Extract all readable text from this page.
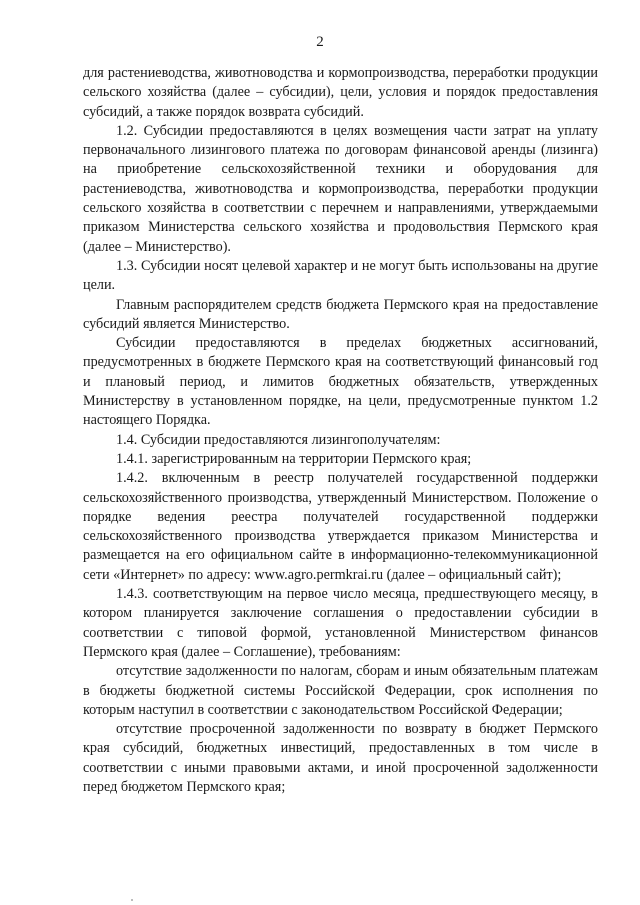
2

для растениеводства, животноводства и кормопроизводства, переработки продукции сельского хозяйства (далее – субсидии), цели, условия и порядок предоставления субсидий, а также порядок возврата субсидий.

1.2. Субсидии предоставляются в целях возмещения части затрат на уплату первоначального лизингового платежа по договорам финансовой аренды (лизинга) на приобретение сельскохозяйственной техники и оборудования для растениеводства, животноводства и кормопроизводства, переработки продукции сельского хозяйства в соответствии с перечнем и направлениями, утверждаемыми приказом Министерства сельского хозяйства и продовольствия Пермского края (далее – Министерство).

1.3. Субсидии носят целевой характер и не могут быть использованы на другие цели.

Главным распорядителем средств бюджета Пермского края на предоставление субсидий является Министерство.

Субсидии предоставляются в пределах бюджетных ассигнований, предусмотренных в бюджете Пермского края на соответствующий финансовый год и плановый период, и лимитов бюджетных обязательств, утвержденных Министерству в установленном порядке, на цели, предусмотренные пунктом 1.2 настоящего Порядка.

1.4. Субсидии предоставляются лизингополучателям:

1.4.1. зарегистрированным на территории Пермского края;

1.4.2. включенным в реестр получателей государственной поддержки сельскохозяйственного производства, утвержденный Министерством. Положение о порядке ведения реестра получателей государственной поддержки сельскохозяйственного производства утверждается приказом Министерства и размещается на его официальном сайте в информационно-телекоммуникационной сети «Интернет» по адресу: www.agro.permkrai.ru (далее – официальный сайт);

1.4.3. соответствующим на первое число месяца, предшествующего месяцу, в котором планируется заключение соглашения о предоставлении субсидии в соответствии с типовой формой, установленной Министерством финансов Пермского края (далее – Соглашение), требованиям:

отсутствие задолженности по налогам, сборам и иным обязательным платежам в бюджеты бюджетной системы Российской Федерации, срок исполнения по которым наступил в соответствии с законодательством Российской Федерации;

отсутствие просроченной задолженности по возврату в бюджет Пермского края субсидий, бюджетных инвестиций, предоставленных в том числе в соответствии с иными правовыми актами, и иной просроченной задолженности перед бюджетом Пермского края;
